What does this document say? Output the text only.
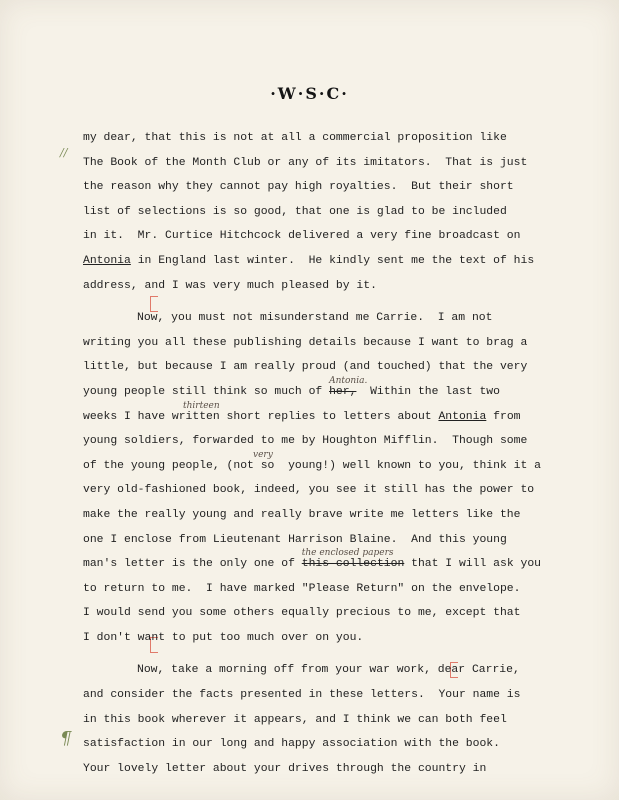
·W·S·C·
//
¶
my dear, that this is not at all a commercial proposition like
The Book of the Month Club or any of its imitators.  That is just
the reason why they cannot pay high royalties.  But their short
list of selections is so good, that one is glad to be included
in it.  Mr. Curtice Hitchcock delivered a very fine broadcast on
Antonia in England last winter.  He kindly sent me the text of his
address, and I was very much pleased by it.
Now, you must not misunderstand me Carrie.  I am not
writing you all these publishing details because I want to brag a
little, but because I am really proud (and touched) that the very
young people still think so much of her,
Antonia.
Within the last two
weeks I have written
thirteen
short replies to letters about Antonia from
young soldiers, forwarded to me by Houghton Mifflin.  Though some
of the young people, (not so
very
young!) well known to you, think it a
very old-fashioned book, indeed, you see it still has the power to
make the really young and really brave write me letters like the
one I enclose from Lieutenant Harrison Blaine.  And this young
man's letter is the only one of this collection
the enclosed papers
that I will ask you
to return to me.  I have marked "Please Return" on the envelope.
I would send you some others equally precious to me, except that
I don't want to put too much over on you.
Now, take a morning off from your war work, dear Carrie,
and consider the facts presented in these letters.  Your name is
in this book wherever it appears, and I think we can both feel
satisfaction in our long and happy association with the book.
Your lovely letter about your drives through the country in
